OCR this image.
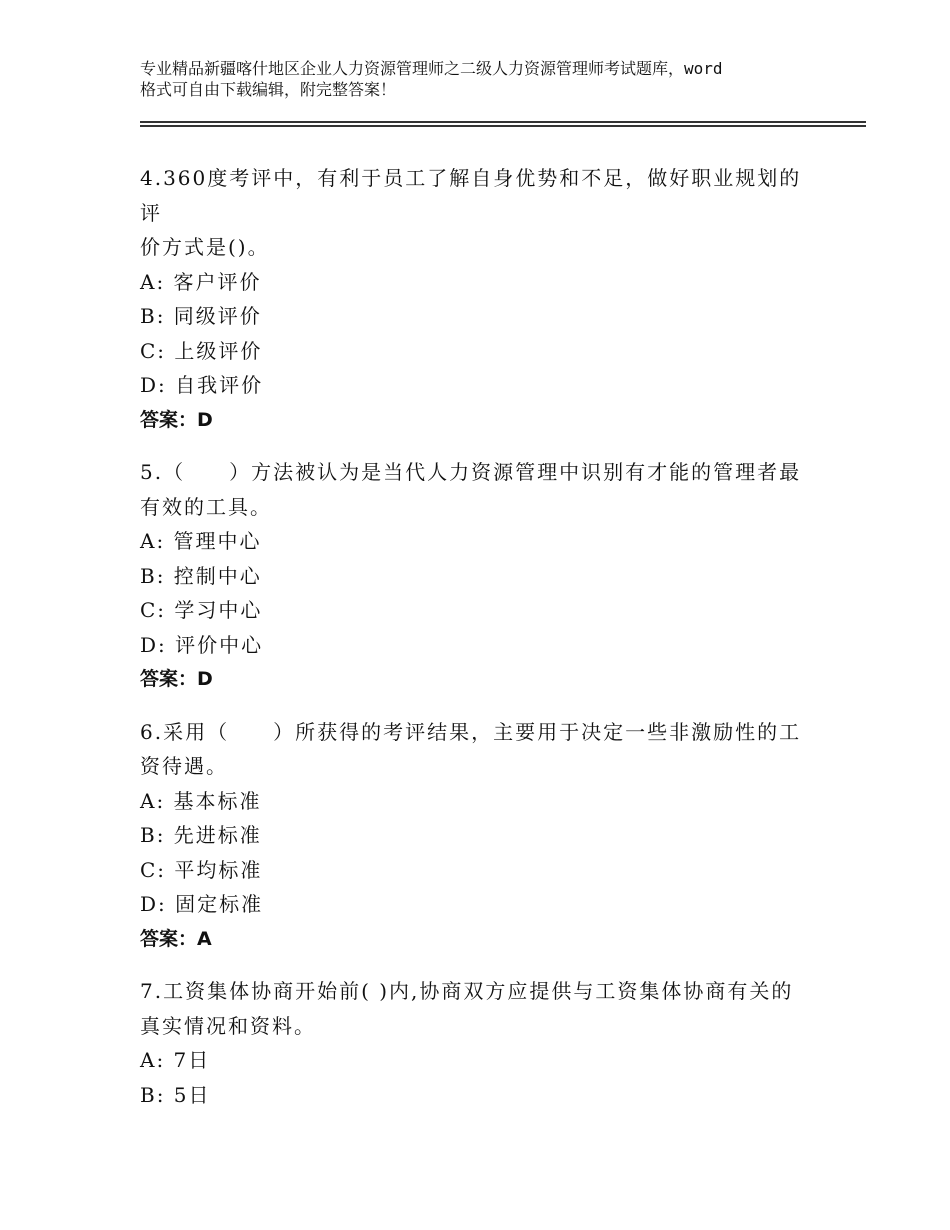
专业精品新疆喀什地区企业人力资源管理师之二级人力资源管理师考试题库，word
格式可自由下载编辑，附完整答案！
4.360度考评中，有利于员工了解自身优势和不足，做好职业规划的评
价方式是()。
A: 客户评价
B: 同级评价
C: 上级评价
D: 自我评价
答案：D
5.（　　）方法被认为是当代人力资源管理中识别有才能的管理者最
有效的工具。
A: 管理中心
B: 控制中心
C: 学习中心
D: 评价中心
答案：D
6.采用（　　）所获得的考评结果，主要用于决定一些非激励性的工
资待遇。
A: 基本标准
B: 先进标准
C: 平均标准
D: 固定标准
答案：A
7.工资集体协商开始前( )内,协商双方应提供与工资集体协商有关的
真实情况和资料。
A: 7日
B: 5日
